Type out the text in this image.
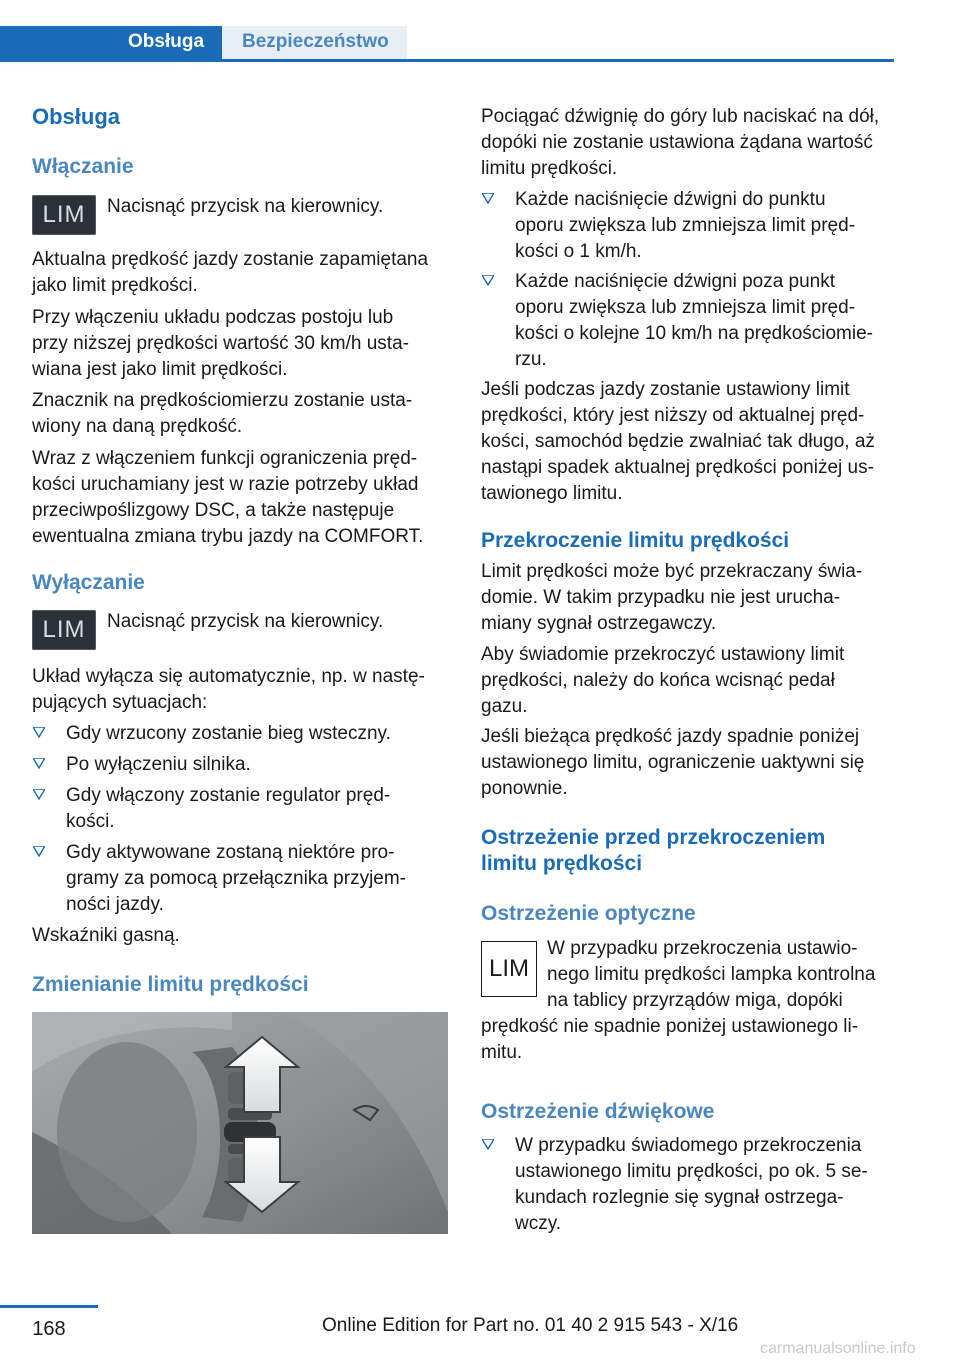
Obsługa	Bezpieczeństwo
Obsługa
Włączanie
LIM	Nacisnąć przycisk na kierownicy.
Aktualna prędkość jazdy zostanie zapamiętana
jako limit prędkości.
Przy włączeniu układu podczas postoju lub
przy niższej prędkości wartość 30 km/h usta-
wiana jest jako limit prędkości.
Znacznik na prędkościomierzu zostanie usta-
wiony na daną prędkość.
Wraz z włączeniem funkcji ograniczenia pręd-
kości uruchamiany jest w razie potrzeby układ
przeciwpoślizgowy DSC, a także następuje
ewentualna zmiana trybu jazdy na COMFORT.
Wyłączanie
LIM	Nacisnąć przycisk na kierownicy.
Układ wyłącza się automatycznie, np. w nastę-
pujących sytuacjach:
Gdy wrzucony zostanie bieg wsteczny.
Po wyłączeniu silnika.
Gdy włączony zostanie regulator pręd-
kości.
Gdy aktywowane zostaną niektóre pro-
gramy za pomocą przełącznika przyjem-
ności jazdy.
Wskaźniki gasną.
Zmienianie limitu prędkości
Pociągać dźwignię do góry lub naciskać na dół,
dopóki nie zostanie ustawiona żądana wartość
limitu prędkości.
Każde naciśnięcie dźwigni do punktu
oporu zwiększa lub zmniejsza limit pręd-
kości o 1 km/h.
Każde naciśnięcie dźwigni poza punkt
oporu zwiększa lub zmniejsza limit pręd-
kości o kolejne 10 km/h na prędkościomie-
rzu.
Jeśli podczas jazdy zostanie ustawiony limit
prędkości, który jest niższy od aktualnej pręd-
kości, samochód będzie zwalniać tak długo, aż
nastąpi spadek aktualnej prędkości poniżej us-
tawionego limitu.
Przekroczenie limitu prędkości
Limit prędkości może być przekraczany świa-
domie. W takim przypadku nie jest urucha-
miany sygnał ostrzegawczy.
Aby świadomie przekroczyć ustawiony limit
prędkości, należy do końca wcisnąć pedał
gazu.
Jeśli bieżąca prędkość jazdy spadnie poniżej
ustawionego limitu, ograniczenie uaktywni się
ponownie.
Ostrzeżenie przed przekroczeniem
limitu prędkości
Ostrzeżenie optyczne
LIM
W przypadku przekroczenia ustawio-
nego limitu prędkości lampka kontrolna
na tablicy przyrządów miga, dopóki
prędkość nie spadnie poniżej ustawionego li-
mitu.
Ostrzeżenie dźwiękowe
W przypadku świadomego przekroczenia
ustawionego limitu prędkości, po ok. 5 se-
kundach rozlegnie się sygnał ostrzega-
wczy.
168	Online Edition for Part no. 01 40 2 915 543 - X/16
carmanualsonline.info
